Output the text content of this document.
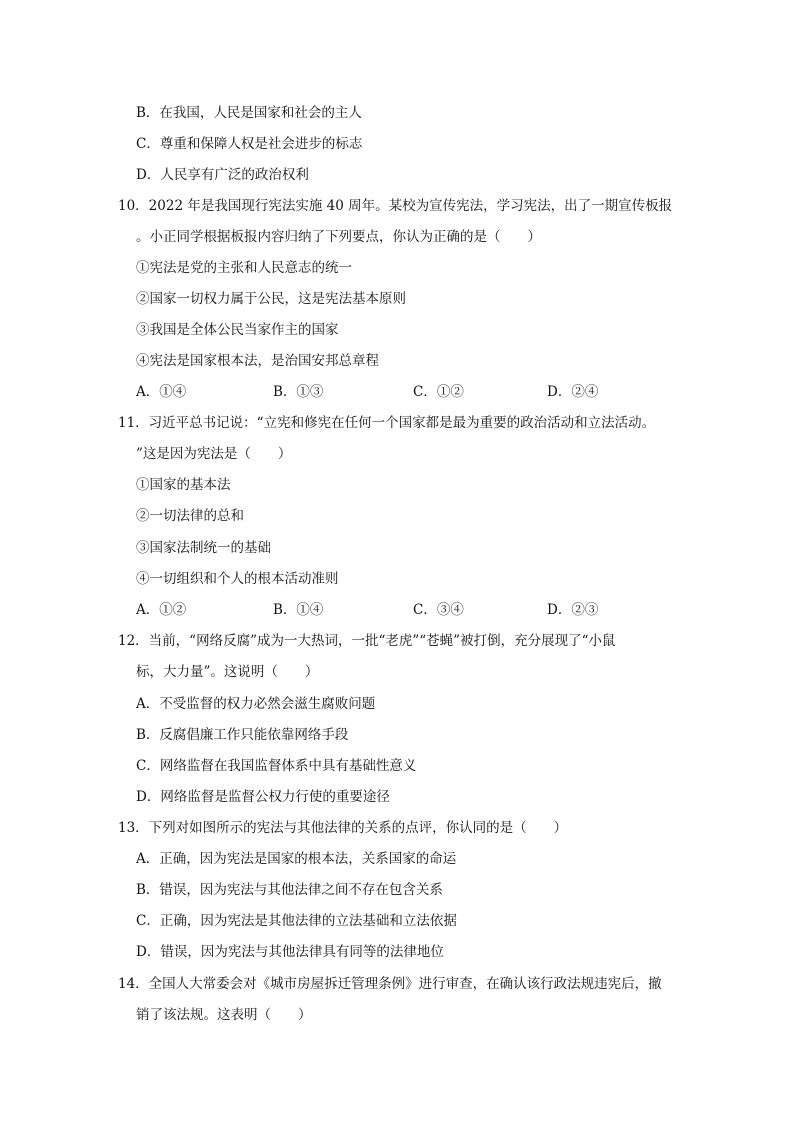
B．在我国，人民是国家和社会的主人
C．尊重和保障人权是社会进步的标志
D．人民享有广泛的政治权利
10．2022 年是我国现行宪法实施 40 周年。某校为宣传宪法，学习宪法，出了一期宣传板报
。小正同学根据板报内容归纳了下列要点，你认为正确的是（　　）
①宪法是党的主张和人民意志的统一
②国家一切权力属于公民，这是宪法基本原则
③我国是全体公民当家作主的国家
④宪法是国家根本法，是治国安邦总章程
A．①④	B．①③	C．①②	D．②④
11．习近平总书记说：“立宪和修宪在任何一个国家都是最为重要的政治活动和立法活动。
”这是因为宪法是（　　）
①国家的基本法
②一切法律的总和
③国家法制统一的基础
④一切组织和个人的根本活动准则
A．①②	B．①④	C．③④	D．②③
12．当前，“网络反腐”成为一大热词，一批“老虎”“苍蝇”被打倒，充分展现了“小鼠
标，大力量”。这说明（　　）
A．不受监督的权力必然会滋生腐败问题
B．反腐倡廉工作只能依靠网络手段
C．网络监督在我国监督体系中具有基础性意义
D．网络监督是监督公权力行使的重要途径
13．下列对如图所示的宪法与其他法律的关系的点评，你认同的是（　　）
A．正确，因为宪法是国家的根本法，关系国家的命运
B．错误，因为宪法与其他法律之间不存在包含关系
C．正确，因为宪法是其他法律的立法基础和立法依据
D．错误，因为宪法与其他法律具有同等的法律地位
14．全国人大常委会对《城市房屋拆迁管理条例》进行审查，在确认该行政法规违宪后，撤
销了该法规。这表明（　　）
